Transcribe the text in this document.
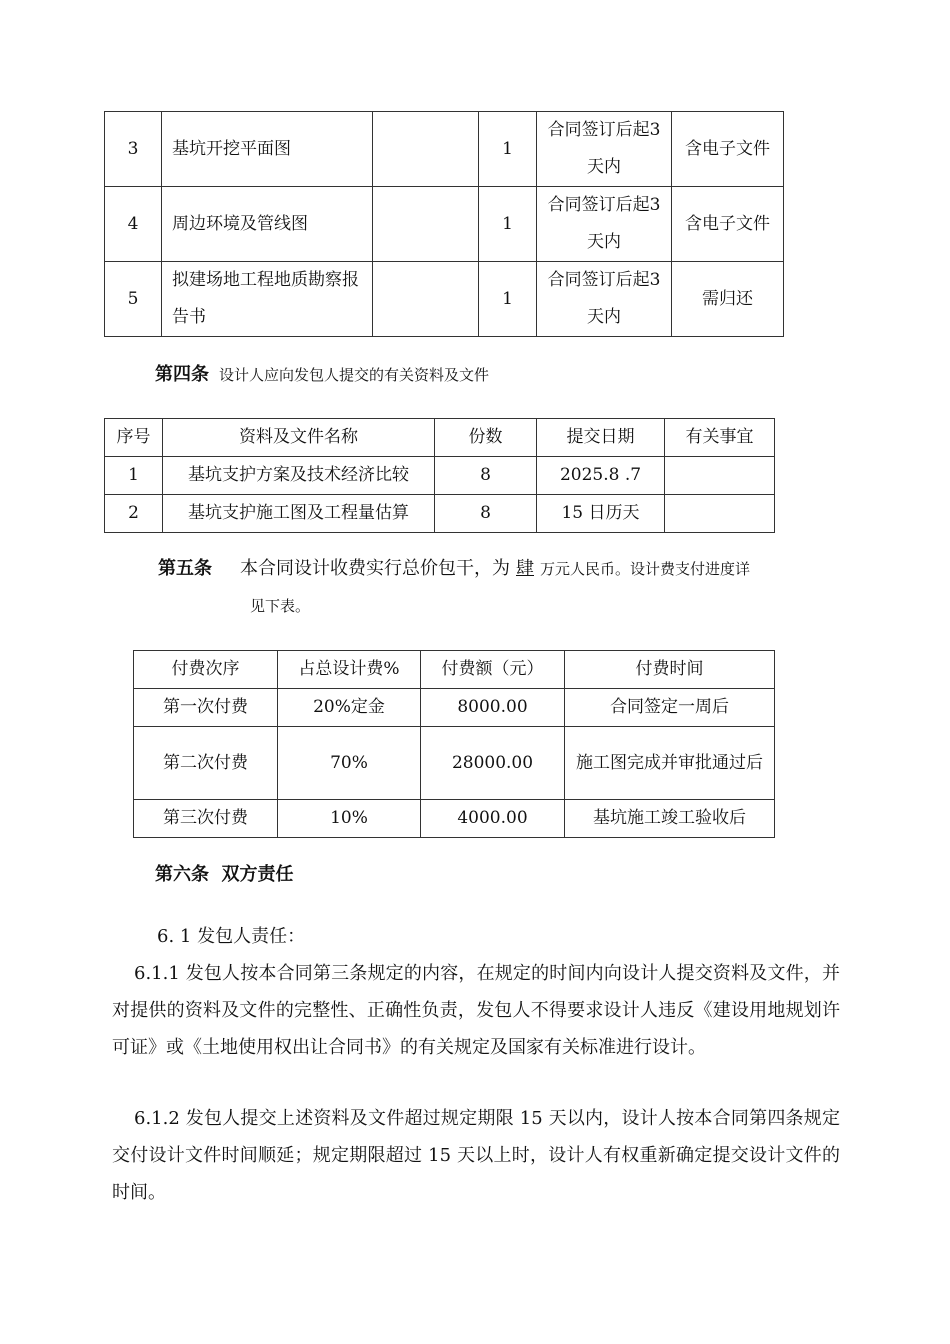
3	基坑开挖平面图		1	合同签订后起3天内	含电子文件
4	周边环境及管线图		1	合同签订后起3天内	含电子文件
5	拟建场地工程地质勘察报告书		1	合同签订后起3天内	需归还
第四条 设计人应向发包人提交的有关资料及文件
序号	资料及文件名称	份数	提交日期	有关事宜
1	基坑支护方案及技术经济比较	8	2025.8 .7	
2	基坑支护施工图及工程量估算	8	15 日历天	
第五条 本合同设计收费实行总价包干，为 肆 万元人民币。设计费支付进度详
见下表。
付费次序	占总设计费%	付费额（元）	付费时间
第一次付费	20%定金	8000.00	合同签定一周后
第二次付费	70%	28000.00	施工图完成并审批通过后
第三次付费	10%	4000.00	基坑施工竣工验收后
第六条 双方责任
6. 1 发包人责任：
6.1.1 发包人按本合同第三条规定的内容，在规定的时间内向设计人提交资料及文件，并对提供的资料及文件的完整性、正确性负责，发包人不得要求设计人违反《建设用地规划许可证》或《土地使用权出让合同书》的有关规定及国家有关标准进行设计。
6.1.2 发包人提交上述资料及文件超过规定期限 15 天以内，设计人按本合同第四条规定交付设计文件时间顺延；规定期限超过 15 天以上时，设计人有权重新确定提交设计文件的时间。
